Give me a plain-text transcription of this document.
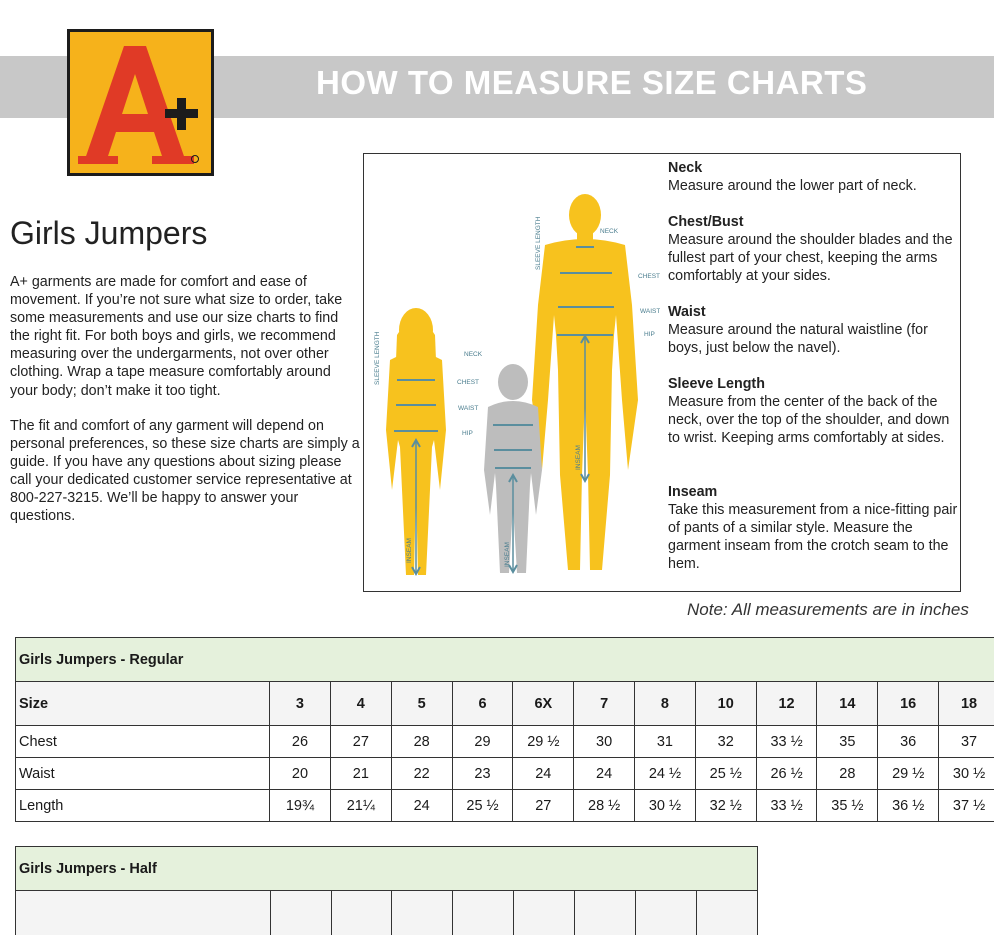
HOW TO MEASURE SIZE CHARTS
Girls Jumpers
A+ garments are made for comfort and ease of movement. If you’re not sure what size to order, take some measurements and use our size charts to find the right fit. For both boys and girls, we recommend measuring over the undergarments, not over other clothing. Wrap a tape measure comfortably around your body; don’t make it too tight.
The fit and comfort of any garment will depend on personal preferences, so these size charts are simply a guide. If you have any questions about sizing please call your dedicated customer service representative at 800-227-3215. We’ll be happy to answer your questions.
SLEEVE LENGTH	NECK
CHEST
WAIST
HIP
INSEAM
SLEEVE LENGTH	NECK
CHEST
WAIST
HIP
INSEAM	INSEAM
Neck
Measure around the lower part of neck.
Chest/Bust
Measure around the shoulder blades and the fullest part of your chest, keeping the arms comfortably at your sides.
Waist
Measure around the natural waistline (for boys, just below the navel).
Sleeve Length
Measure from the center of the back of the neck, over the top of the shoulder, and down to wrist. Keeping arms comfortably at sides.
Inseam
Take this measurement from a nice-fitting pair of pants of a similar style. Measure the garment inseam from the crotch seam to the hem.
Note: All measurements are in inches
Girls Jumpers - Regular												
Size	3	4	5	6	6X	7	8	10	12	14	16	18
Chest	26	27	28	29	29 ½	30	31	32	33 ½	35	36	37
Waist	20	21	22	23	24	24	24 ½	25 ½	26 ½	28	29 ½	30 ½
Length	19¾	21¼	24	25 ½	27	28 ½	30 ½	32 ½	33 ½	35 ½	36 ½	37 ½
Girls Jumpers - Half
